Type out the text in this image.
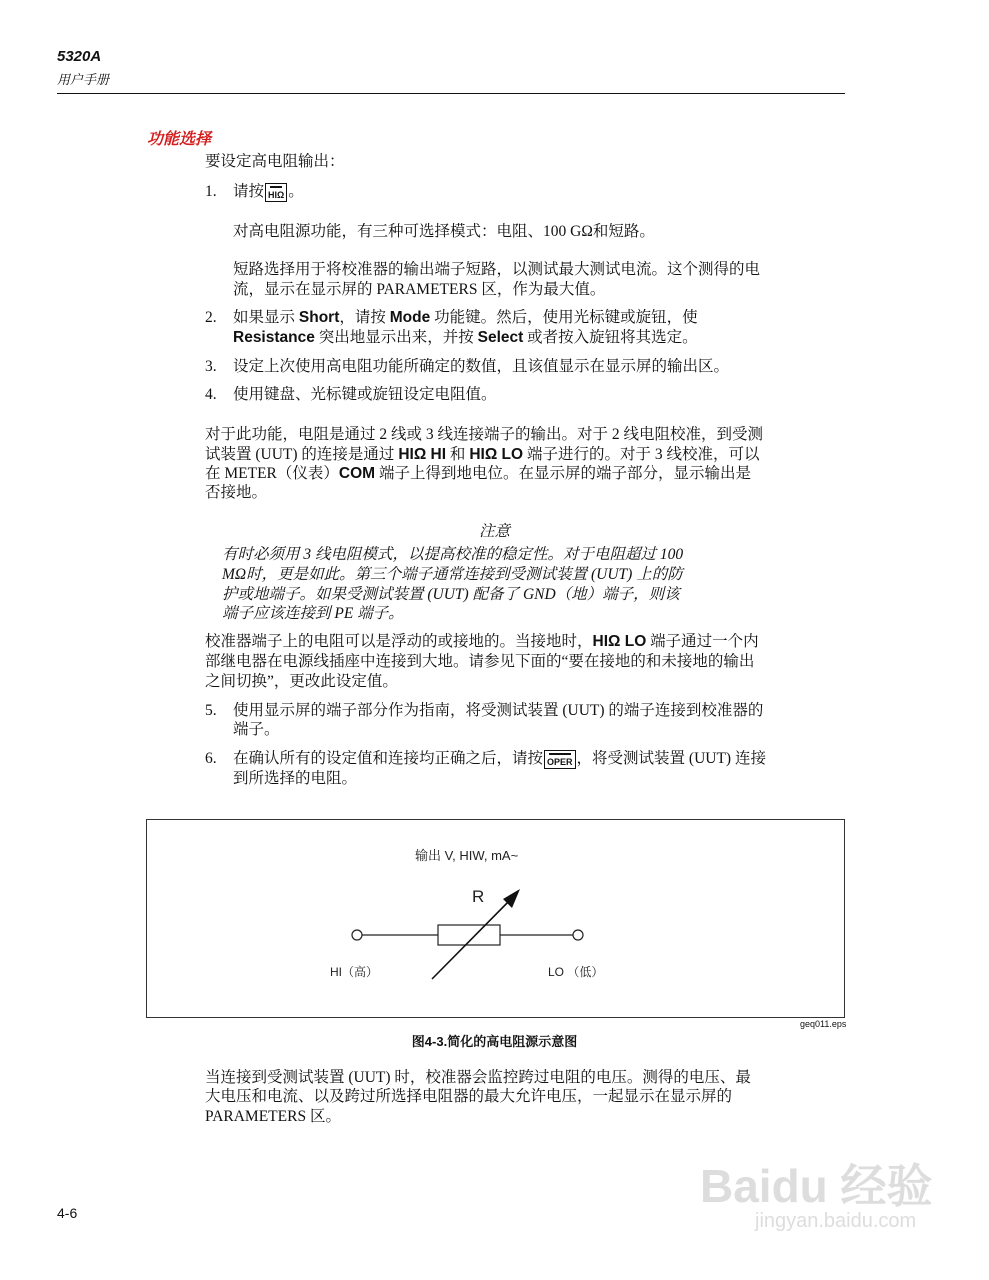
5320A
用户手册
功能选择
要设定高电阻输出：
1. 请按 HIΩ 。
对高电阻源功能，有三种可选择模式：电阻、100 GΩ和短路。
短路选择用于将校准器的输出端子短路，以测试最大测试电流。这个测得的电
流，显示在显示屏的 PARAMETERS 区，作为最大值。
2. 如果显示 Short，请按 Mode 功能键。然后，使用光标键或旋钮，使
Resistance 突出地显示出来，并按 Select 或者按入旋钮将其选定。
3. 设定上次使用高电阻功能所确定的数值，且该值显示在显示屏的输出区。
4. 使用键盘、光标键或旋钮设定电阻值。
对于此功能，电阻是通过 2 线或 3 线连接端子的输出。对于 2 线电阻校准，到受测
试装置 (UUT) 的连接是通过 HIΩ HI 和 HIΩ LO 端子进行的。对于 3 线校准，可以
在 METER（仪表）COM 端子上得到地电位。在显示屏的端子部分，显示输出是
否接地。
注意
有时必须用 3 线电阻模式，以提高校准的稳定性。对于电阻超过 100
MΩ时，更是如此。第三个端子通常连接到受测试装置 (UUT) 上的防
护或地端子。如果受测试装置 (UUT) 配备了 GND（地）端子，则该
端子应该连接到 PE 端子。
校准器端子上的电阻可以是浮动的或接地的。当接地时，HIΩ LO 端子通过一个内
部继电器在电源线插座中连接到大地。请参见下面的“要在接地的和未接地的输出
之间切换”，更改此设定值。
5. 使用显示屏的端子部分作为指南，将受测试装置 (UUT) 的端子连接到校准器的
端子。
6. 在确认所有的设定值和连接均正确之后，请按 OPER ，将受测试装置 (UUT) 连接
到所选择的电阻。
输出 V, HIW, mA~
R
HI（高）	LO （低）
geq011.eps
图4-3.简化的高电阻源示意图
当连接到受测试装置 (UUT) 时，校准器会监控跨过电阻的电压。测得的电压、最
大电压和电流、以及跨过所选择电阻器的最大允许电压，一起显示在显示屏的
PARAMETERS 区。
4-6
Baidu 经验
jingyan.baidu.com
